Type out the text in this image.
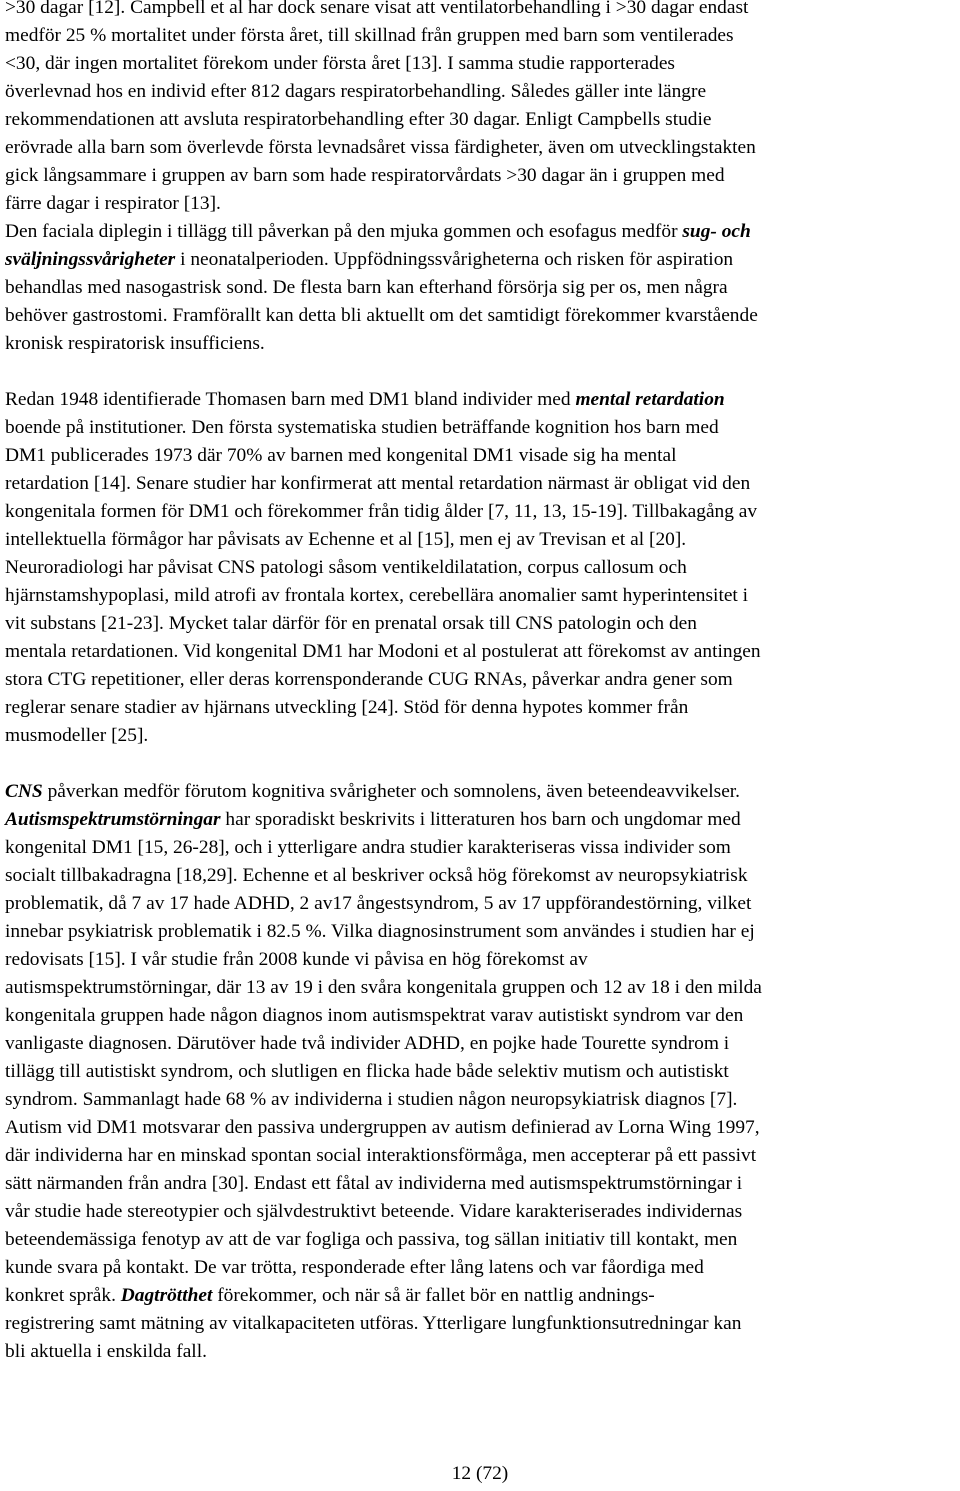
>30 dagar [12]. Campbell et al har dock senare visat att ventilatorbehandling i >30 dagar endast
medför 25 % mortalitet under första året, till skillnad från gruppen med barn som ventilerades
<30, där ingen mortalitet förekom under första året [13]. I samma studie rapporterades
överlevnad hos en individ efter 812 dagars respiratorbehandling. Således gäller inte längre
rekommendationen att avsluta respiratorbehandling efter 30 dagar. Enligt Campbells studie
erövrade alla barn som överlevde första levnadsåret vissa färdigheter, även om utvecklingstakten
gick långsammare i gruppen av barn som hade respiratorvårdats >30 dagar än i gruppen med
färre dagar i respirator [13].
Den faciala diplegin i tillägg till påverkan på den mjuka gommen och esofagus medför sug- och
sväljningssvårigheter i neonatalperioden. Uppfödningssvårigheterna och risken för aspiration
behandlas med nasogastrisk sond. De flesta barn kan efterhand försörja sig per os, men några
behöver gastrostomi. Framförallt kan detta bli aktuellt om det samtidigt förekommer kvarstående
kronisk respiratorisk insufficiens.

Redan 1948 identifierade Thomasen barn med DM1 bland individer med mental retardation
boende på institutioner. Den första systematiska studien beträffande kognition hos barn med
DM1 publicerades 1973 där 70% av barnen med kongenital DM1 visade sig ha mental
retardation [14]. Senare studier har konfirmerat att mental retardation närmast är obligat vid den
kongenitala formen för DM1 och förekommer från tidig ålder [7, 11, 13, 15-19]. Tillbakagång av
intellektuella förmågor har påvisats av Echenne et al [15], men ej av Trevisan et al [20].
Neuroradiologi har påvisat CNS patologi såsom ventikeldilatation, corpus callosum och
hjärnstamshypoplasi, mild atrofi av frontala kortex, cerebellära anomalier samt hyperintensitet i
vit substans [21-23]. Mycket talar därför för en prenatal orsak till CNS patologin och den
mentala retardationen. Vid kongenital DM1 har Modoni et al postulerat att förekomst av antingen
stora CTG repetitioner, eller deras korrensponderande CUG RNAs, påverkar andra gener som
reglerar senare stadier av hjärnans utveckling [24]. Stöd för denna hypotes kommer från
musmodeller [25].

CNS påverkan medför förutom kognitiva svårigheter och somnolens, även beteendeavvikelser.
Autismspektrumstörningar har sporadiskt beskrivits i litteraturen hos barn och ungdomar med
kongenital DM1 [15, 26-28], och i ytterligare andra studier karakteriseras vissa individer som
socialt tillbakadragna [18,29]. Echenne et al beskriver också hög förekomst av neuropsykiatrisk
problematik, då 7 av 17 hade ADHD, 2 av17 ångestsyndrom, 5 av 17 uppförandestörning, vilket
innebar psykiatrisk problematik i 82.5 %. Vilka diagnosinstrument som användes i studien har ej
redovisats [15]. I vår studie från 2008 kunde vi påvisa en hög förekomst av
autismspektrumstörningar, där 13 av 19 i den svåra kongenitala gruppen och 12 av 18 i den milda
kongenitala gruppen hade någon diagnos inom autismspektrat varav autistiskt syndrom var den
vanligaste diagnosen. Därutöver hade två individer ADHD, en pojke hade Tourette syndrom i
tillägg till autistiskt syndrom, och slutligen en flicka hade både selektiv mutism och autistiskt
syndrom. Sammanlagt hade 68 % av individerna i studien någon neuropsykiatrisk diagnos [7].
Autism vid DM1 motsvarar den passiva undergruppen av autism definierad av Lorna Wing 1997,
där individerna har en minskad spontan social interaktionsförmåga, men accepterar på ett passivt
sätt närmanden från andra [30]. Endast ett fåtal av individerna med autismspektrumstörningar i
vår studie hade stereotypier och självdestruktivt beteende. Vidare karakteriserades individernas
beteendemässiga fenotyp av att de var fogliga och passiva, tog sällan initiativ till kontakt, men
kunde svara på kontakt. De var trötta, responderade efter lång latens och var fåordiga med
konkret språk. Dagtrötthet förekommer, och när så är fallet bör en nattlig andnings-
registrering samt mätning av vitalkapaciteten utföras. Ytterligare lungfunktionsutredningar kan
bli aktuella i enskilda fall.

12 (72)
